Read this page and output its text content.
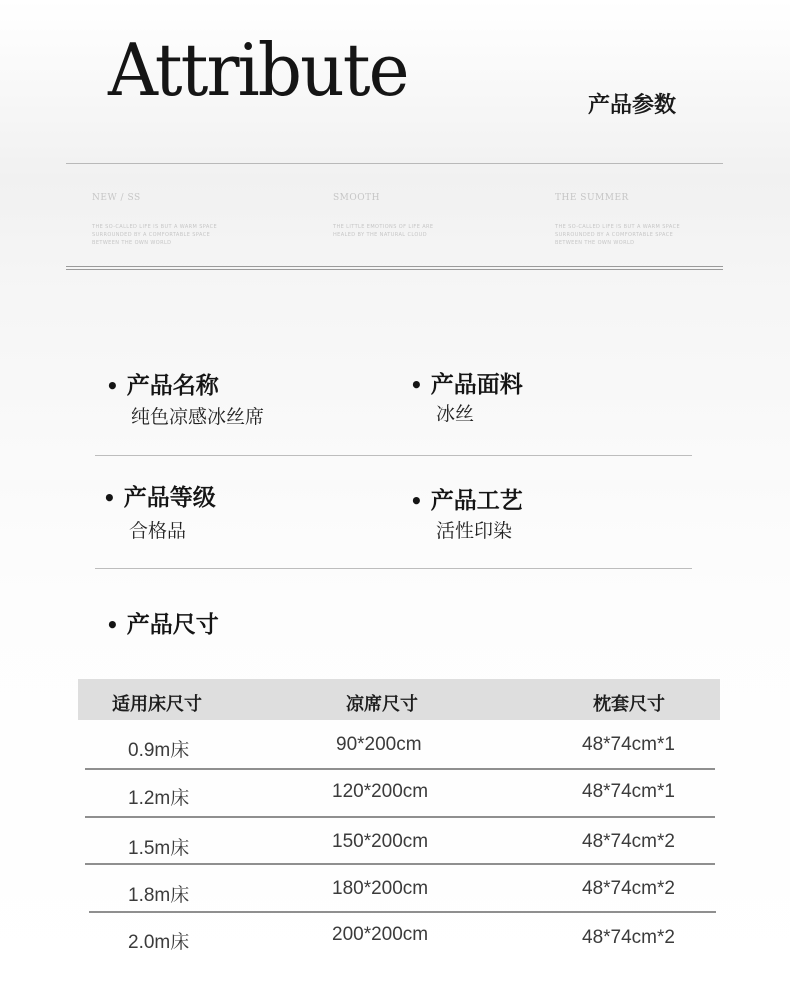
Attribute	产品参数
NEW / SS
THE SO-CALLED LIFE IS BUT A WARM SPACE SURROUNDED BY A COMFORTABLE SPACE BETWEEN THE OWN WORLD
SMOOTH
THE LITTLE EMOTIONS OF LIFE ARE HEALED BY THE NATURAL CLOUD
THE SUMMER
THE SO-CALLED LIFE IS BUT A WARM SPACE SURROUNDED BY A COMFORTABLE SPACE BETWEEN THE OWN WORLD
• 产品名称
纯色凉感冰丝席
• 产品面料
冰丝
• 产品等级
合格品
• 产品工艺
活性印染
• 产品尺寸
适用床尺寸	凉席尺寸	枕套尺寸
0.9m床	90*200cm	48*74cm*1
1.2m床	120*200cm	48*74cm*1
1.5m床	150*200cm	48*74cm*2
1.8m床	180*200cm	48*74cm*2
2.0m床	200*200cm	48*74cm*2
